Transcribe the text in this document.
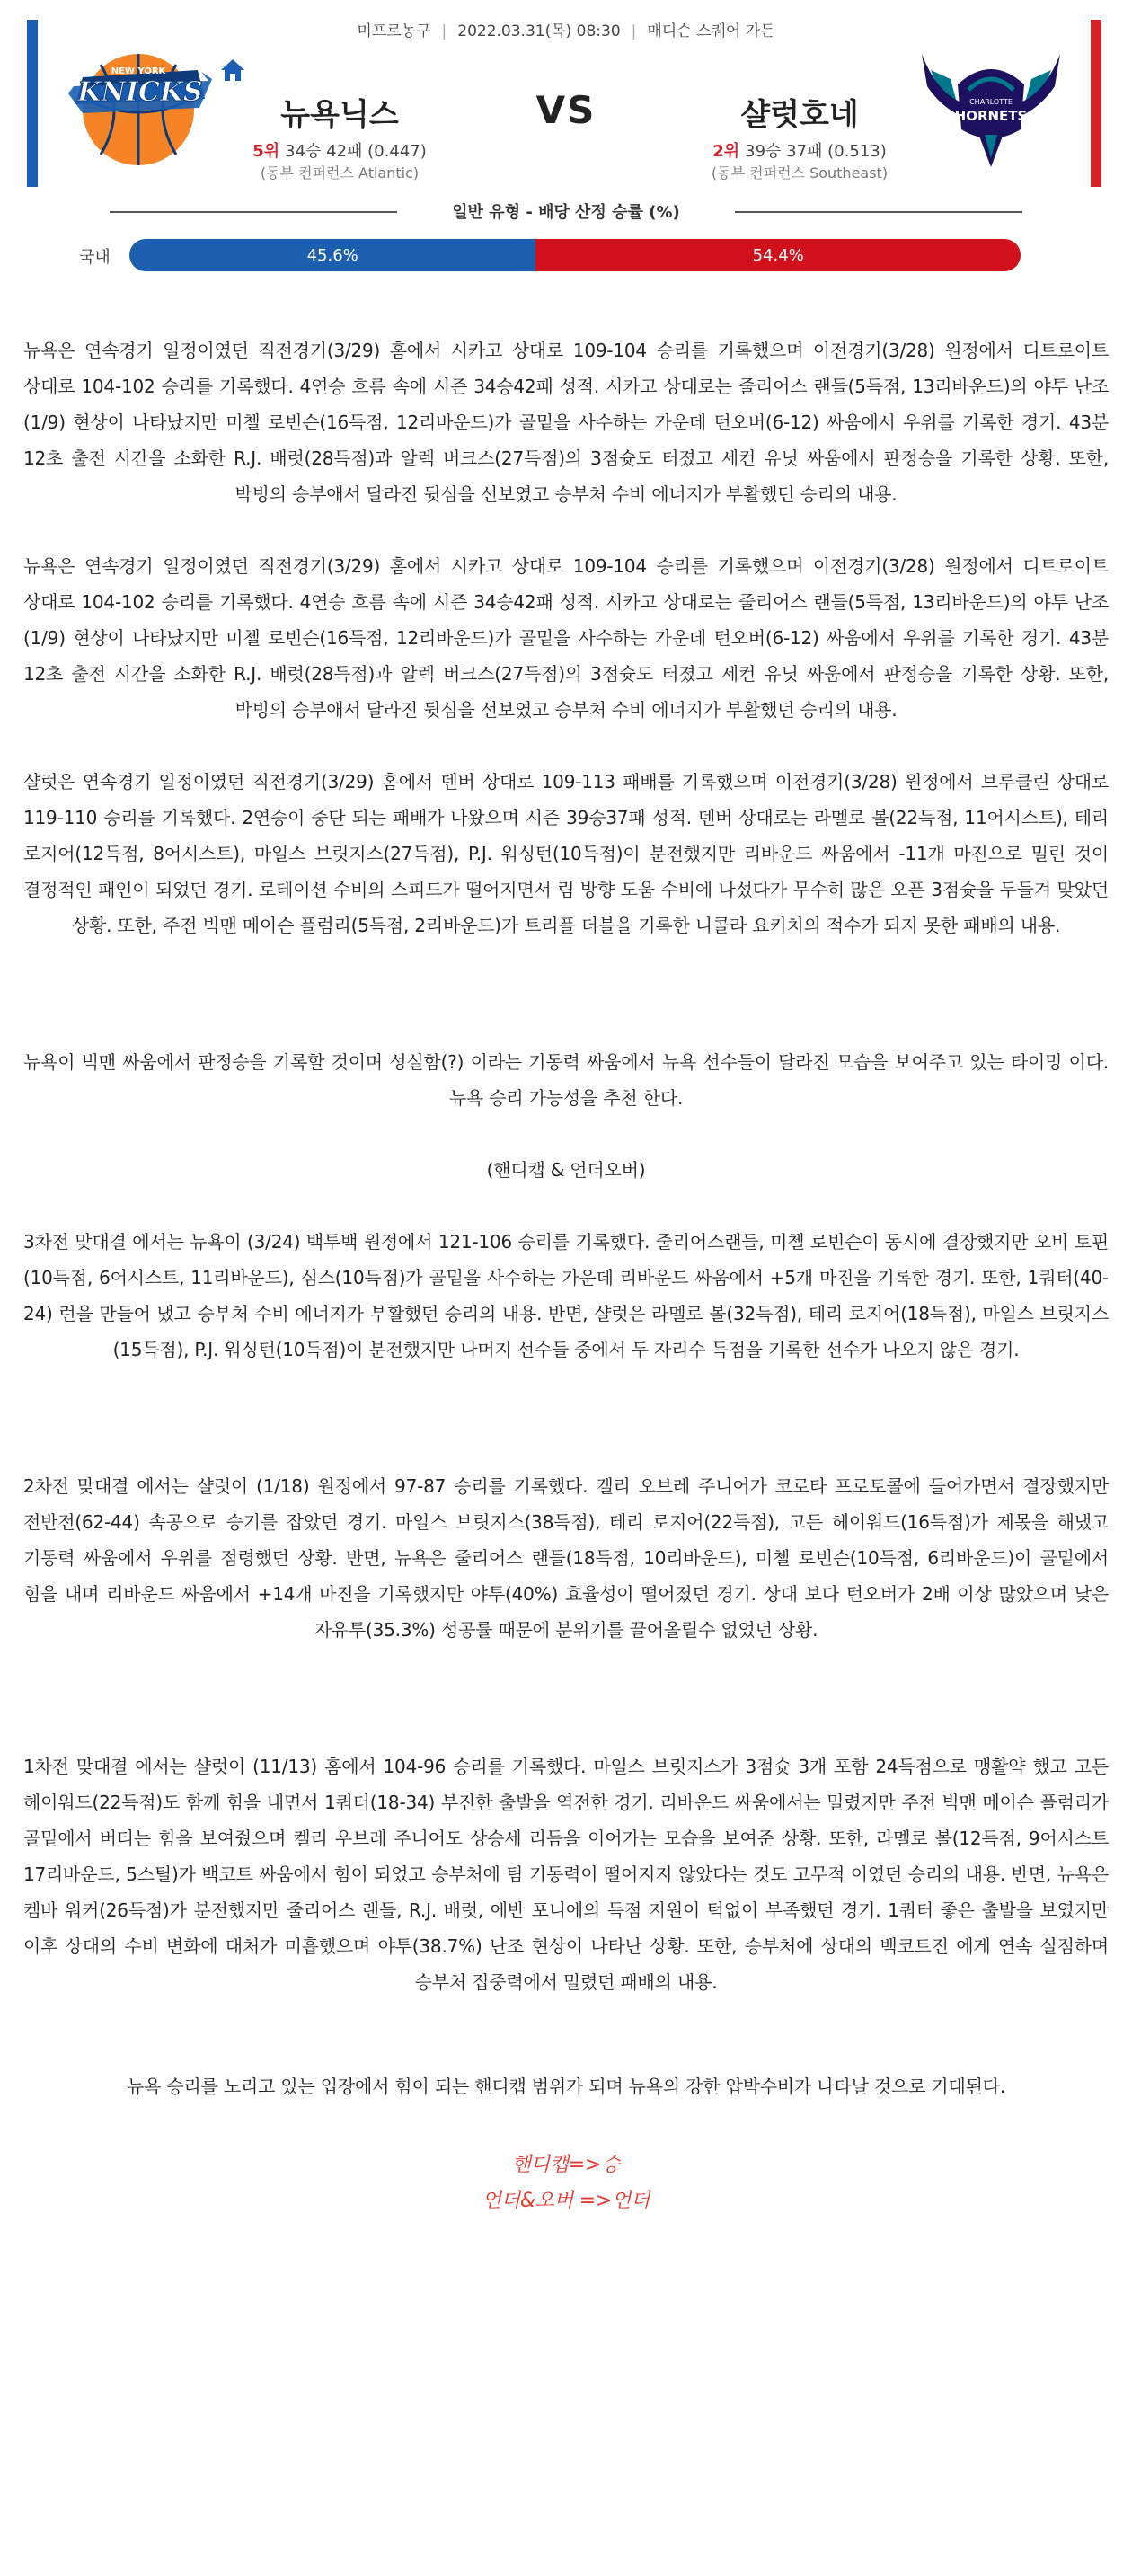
미프로농구 | 2022.03.31(목) 08:30 | 매디슨 스퀘어 가든
NEW YORK
KNICKS	CHARLOTTE
HORNETS
뉴욕닉스	VS	샬럿호네
5위 34승 42패 (0.447)	2위 39승 37패 (0.513)
(동부 컨퍼런스 Atlantic)	(동부 컨퍼런스 Southeast)
일반 유형 - 배당 산정 승률 (%)
국내	45.6%	54.4%

뉴욕은 연속경기 일정이였던 직전경기(3/29) 홈에서 시카고 상대로 109-104 승리를 기록했으며 이전경기(3/28) 원정에서 디트로이트 상대로 104-102 승리를 기록했다. 4연승 흐름 속에 시즌 34승42패 성적. 시카고 상대로는 줄리어스 랜들(5득점, 13리바운드)의 야투 난조(1/9) 현상이 나타났지만 미첼 로빈슨(16득점, 12리바운드)가 골밑을 사수하는 가운데 턴오버(6-12) 싸움에서 우위를 기록한 경기. 43분 12초 출전 시간을 소화한 R.J. 배럿(28득점)과 알렉 버크스(27득점)의 3점슛도 터졌고 세컨 유닛 싸움에서 판정승을 기록한 상황. 또한, 박빙의 승부애서 달라진 뒷심을 선보였고 승부처 수비 에너지가 부활했던 승리의 내용.

뉴욕은 연속경기 일정이였던 직전경기(3/29) 홈에서 시카고 상대로 109-104 승리를 기록했으며 이전경기(3/28) 원정에서 디트로이트 상대로 104-102 승리를 기록했다. 4연승 흐름 속에 시즌 34승42패 성적. 시카고 상대로는 줄리어스 랜들(5득점, 13리바운드)의 야투 난조(1/9) 현상이 나타났지만 미첼 로빈슨(16득점, 12리바운드)가 골밑을 사수하는 가운데 턴오버(6-12) 싸움에서 우위를 기록한 경기. 43분 12초 출전 시간을 소화한 R.J. 배럿(28득점)과 알렉 버크스(27득점)의 3점슛도 터졌고 세컨 유닛 싸움에서 판정승을 기록한 상황. 또한, 박빙의 승부애서 달라진 뒷심을 선보였고 승부처 수비 에너지가 부활했던 승리의 내용.

샬럿은 연속경기 일정이였던 직전경기(3/29) 홈에서 덴버 상대로 109-113 패배를 기록했으며 이전경기(3/28) 원정에서 브루클린 상대로 119-110 승리를 기록했다. 2연승이 중단 되는 패배가 나왔으며 시즌 39승37패 성적. 덴버 상대로는 라멜로 볼(22득점, 11어시스트), 테리 로지어(12득점, 8어시스트), 마일스 브릿지스(27득점), P.J. 워싱턴(10득점)이 분전했지만 리바운드 싸움에서 -11개 마진으로 밀린 것이 결정적인 패인이 되었던 경기. 로테이션 수비의 스피드가 떨어지면서 림 방향 도움 수비에 나섰다가 무수히 많은 오픈 3점슛을 두들겨 맞았던 상황. 또한, 주전 빅맨 메이슨 플럼리(5득점, 2리바운드)가 트리플 더블을 기록한 니콜라 요키치의 적수가 되지 못한 패배의 내용.

뉴욕이 빅맨 싸움에서 판정승을 기록할 것이며 성실함(?) 이라는 기동력 싸움에서 뉴욕 선수들이 달라진 모습을 보여주고 있는 타이밍 이다. 뉴욕 승리 가능성을 추천 한다.

(핸디캡 & 언더오버)

3차전 맞대결 에서는 뉴욕이 (3/24) 백투백 원정에서 121-106 승리를 기록했다. 줄리어스랜들, 미첼 로빈슨이 동시에 결장했지만 오비 토핀(10득점, 6어시스트, 11리바운드), 심스(10득점)가 골밑을 사수하는 가운데 리바운드 싸움에서 +5개 마진을 기록한 경기. 또한, 1쿼터(40-24) 런을 만들어 냈고 승부처 수비 에너지가 부활했던 승리의 내용. 반면, 샬럿은 라멜로 볼(32득점), 테리 로지어(18득점), 마일스 브릿지스(15득점), P.J. 워싱턴(10득점)이 분전했지만 나머지 선수들 중에서 두 자리수 득점을 기록한 선수가 나오지 않은 경기.

2차전 맞대결 에서는 샬럿이 (1/18) 원정에서 97-87 승리를 기록했다. 켈리 오브레 주니어가 코로타 프로토콜에 들어가면서 결장했지만 전반전(62-44) 속공으로 승기를 잡았던 경기. 마일스 브릿지스(38득점), 테리 로지어(22득점), 고든 헤이워드(16득점)가 제몫을 해냈고 기동력 싸움에서 우위를 점령했던 상황. 반면, 뉴욕은 줄리어스 랜들(18득점, 10리바운드), 미첼 로빈슨(10득점, 6리바운드)이 골밑에서 힘을 내며 리바운드 싸움에서 +14개 마진을 기록했지만 야투(40%) 효율성이 떨어졌던 경기. 상대 보다 턴오버가 2배 이상 많았으며 낮은 자유투(35.3%) 성공률 때문에 분위기를 끌어올릴수 없었던 상황.

1차전 맞대결 에서는 샬럿이 (11/13) 홈에서 104-96 승리를 기록했다. 마일스 브릿지스가 3점슛 3개 포함 24득점으로 맹활약 했고 고든 헤이워드(22득점)도 함께 힘을 내면서 1쿼터(18-34) 부진한 출발을 역전한 경기. 리바운드 싸움에서는 밀렸지만 주전 빅맨 메이슨 플럼리가 골밑에서 버티는 힘을 보여줬으며 켈리 우브레 주니어도 상승세 리듬을 이어가는 모습을 보여준 상황. 또한, 라멜로 볼(12득점, 9어시스트 17리바운드, 5스틸)가 백코트 싸움에서 힘이 되었고 승부처에 팀 기동력이 떨어지지 않았다는 것도 고무적 이였던 승리의 내용. 반면, 뉴욕은 켐바 워커(26득점)가 분전했지만 줄리어스 랜들, R.J. 배럿, 에반 포니에의 득점 지원이 턱없이 부족했던 경기. 1쿼터 좋은 출발을 보였지만 이후 상대의 수비 변화에 대처가 미흡했으며 야투(38.7%) 난조 현상이 나타난 상황. 또한, 승부처에 상대의 백코트진 에게 연속 실점하며 승부처 집중력에서 밀렸던 패배의 내용.

뉴욕 승리를 노리고 있는 입장에서 힘이 되는 핸디캡 범위가 되며 뉴욕의 강한 압박수비가 나타날 것으로 기대된다.

핸디캡=>승
언더&오버 =>언더
